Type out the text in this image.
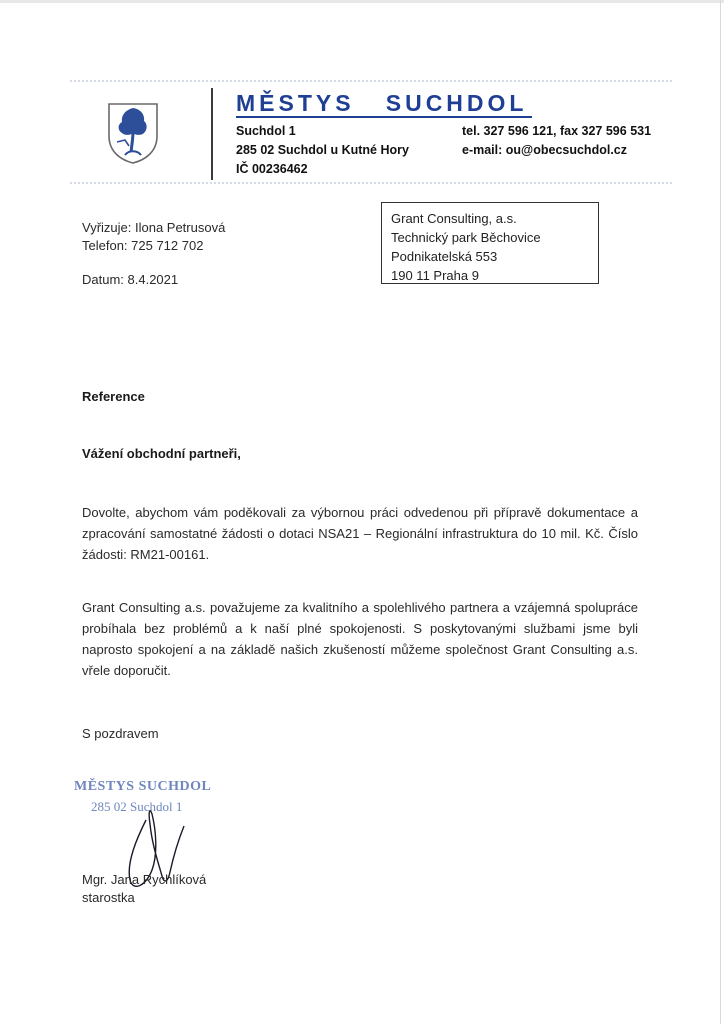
MĚSTYS   SUCHDOL
Suchdol 1
285 02 Suchdol u Kutné Hory
IČ 00236462
tel. 327 596 121, fax 327 596 531
e-mail: ou@obecsuchdol.cz
Vyřizuje: Ilona Petrusová
Telefon: 725 712 702
Datum: 8.4.2021
Grant Consulting, a.s.
Technický park Běchovice
Podnikatelská 553
190 11 Praha 9
Reference
Vážení obchodní partneři,
Dovolte, abychom vám poděkovali za výbornou práci odvedenou při přípravě dokumentace a zpracování samostatné žádosti o dotaci NSA21 – Regionální infrastruktura do 10 mil. Kč. Číslo žádosti: RM21-00161.
Grant Consulting a.s. považujeme za kvalitního a spolehlivého partnera a vzájemná spolupráce probíhala bez problémů a k naší plné spokojenosti. S poskytovanými službami jsme byli naprosto spokojení a na základě našich zkušeností můžeme společnost Grant Consulting a.s. vřele doporučit.
S pozdravem
MĚSTYS SUCHDOL
285 02 Suchdol 1
Mgr. Jana Rychlíková
starostka
